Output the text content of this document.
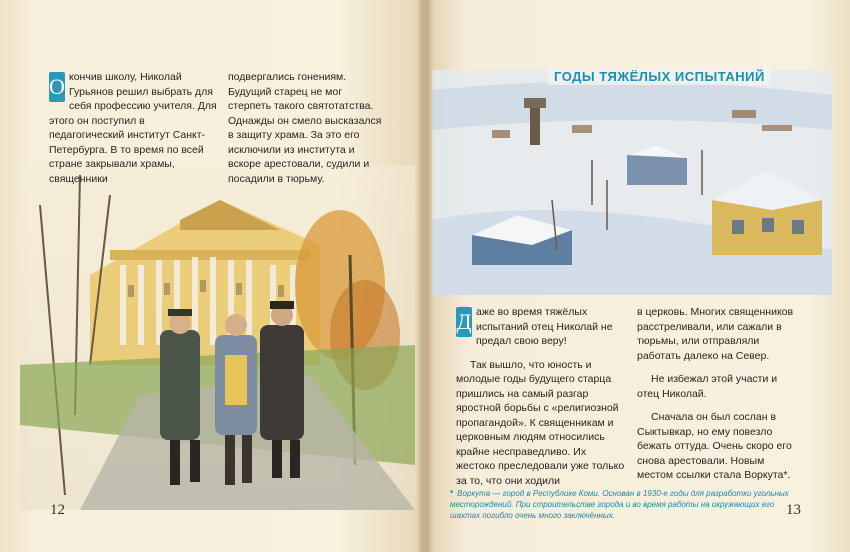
О кончив школу, Николай Гурьянов решил выбрать для себя профессию учителя. Для этого он поступил в педагогический институт Санкт-Петербурга. В то время по всей стране закрывали храмы, священники
подвергались гонениям. Будущий старец не мог стерпеть такого святотатства. Однажды он смело высказался в защиту храма. За это его исключили из института и вскоре арестовали, судили и посадили в тюрьму.
12
ГОДЫ ТЯЖЁЛЫХ ИСПЫТАНИЙ

Д аже во время тяжёлых испытаний отец Николай не предал свою веру!

Так вышло, что юность и молодые годы будущего старца пришлись на самый разгар яростной борьбы с «религиозной пропагандой». К священникам и церковным людям относились крайне несправедливо. Их жестоко преследовали уже только за то, что они ходили

в церковь. Многих священников расстреливали, или сажали в тюрьмы, или отправляли работать далеко на Север.

Не избежал этой участи и отец Николай.

Сначала он был сослан в Сыктывкар, но ему повезло бежать оттуда. Очень скоро его снова арестовали. Новым местом ссылки стала Воркута*.

* Воркута — город в Республике Коми. Основан в 1930-е годы для разработки угольных месторождений. При строительстве города и во время работы на окружающих его шахтах погибло очень много заключённых.	13
